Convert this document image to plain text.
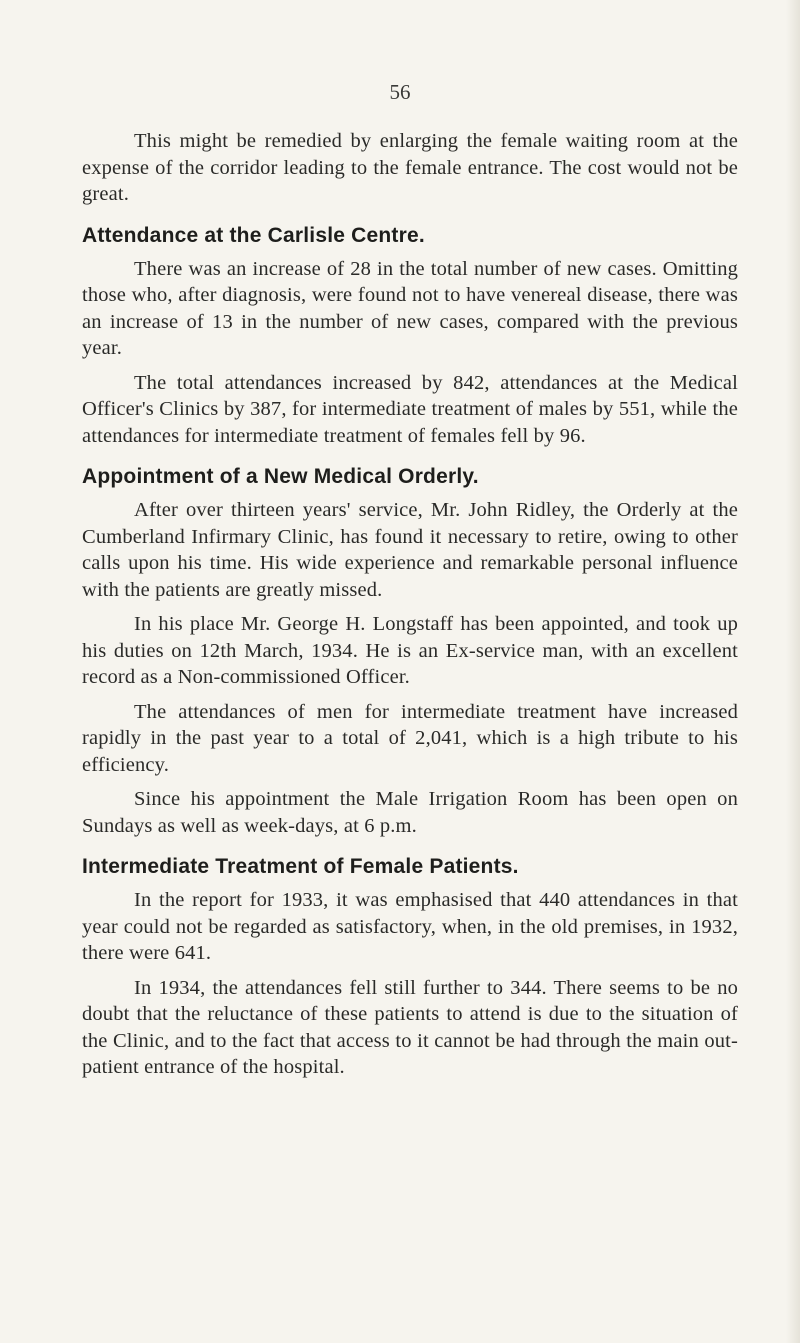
56

This might be remedied by enlarging the female waiting room at the expense of the corridor leading to the female entrance. The cost would not be great.

Attendance at the Carlisle Centre.

There was an increase of 28 in the total number of new cases. Omitting those who, after diagnosis, were found not to have venereal disease, there was an increase of 13 in the number of new cases, compared with the previous year.

The total attendances increased by 842, attendances at the Medical Officer's Clinics by 387, for intermediate treatment of males by 551, while the attendances for intermediate treatment of females fell by 96.

Appointment of a New Medical Orderly.

After over thirteen years' service, Mr. John Ridley, the Orderly at the Cumberland Infirmary Clinic, has found it necessary to retire, owing to other calls upon his time. His wide experience and remarkable personal influence with the patients are greatly missed.

In his place Mr. George H. Longstaff has been appointed, and took up his duties on 12th March, 1934. He is an Ex-service man, with an excellent record as a Non-commissioned Officer.

The attendances of men for intermediate treatment have increased rapidly in the past year to a total of 2,041, which is a high tribute to his efficiency.

Since his appointment the Male Irrigation Room has been open on Sundays as well as week-days, at 6 p.m.

Intermediate Treatment of Female Patients.

In the report for 1933, it was emphasised that 440 attendances in that year could not be regarded as satisfactory, when, in the old premises, in 1932, there were 641.

In 1934, the attendances fell still further to 344. There seems to be no doubt that the reluctance of these patients to attend is due to the situation of the Clinic, and to the fact that access to it cannot be had through the main out-patient entrance of the hospital.
